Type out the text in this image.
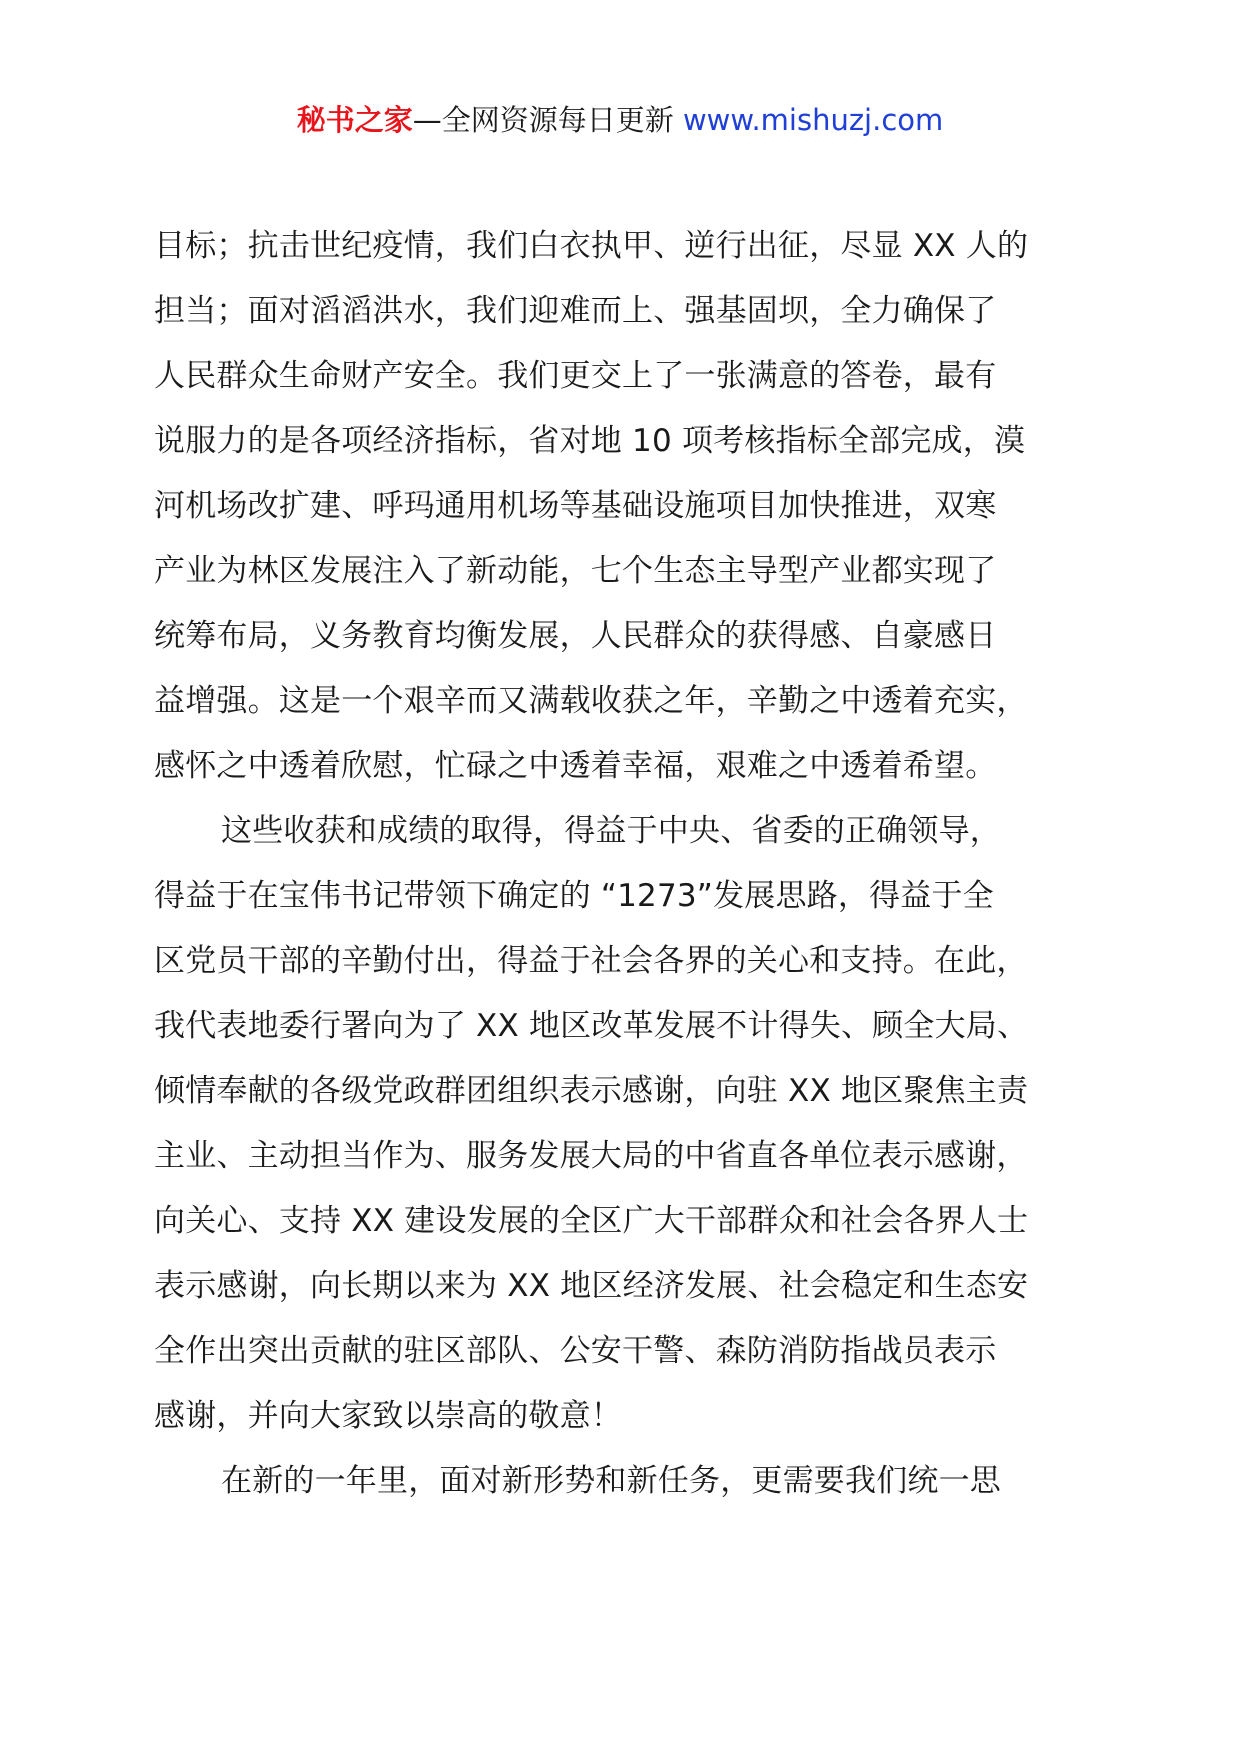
秘书之家—全网资源每日更新 www.mishuzj.com
目标；抗击世纪疫情，我们白衣执甲、逆行出征，尽显 XX 人的
担当；面对滔滔洪水，我们迎难而上、强基固坝，全力确保了
人民群众生命财产安全。我们更交上了一张满意的答卷，最有
说服力的是各项经济指标，省对地 10 项考核指标全部完成，漠
河机场改扩建、呼玛通用机场等基础设施项目加快推进，双寒
产业为林区发展注入了新动能，七个生态主导型产业都实现了
统筹布局，义务教育均衡发展，人民群众的获得感、自豪感日
益增强。这是一个艰辛而又满载收获之年，辛勤之中透着充实，
感怀之中透着欣慰，忙碌之中透着幸福，艰难之中透着希望。
这些收获和成绩的取得，得益于中央、省委的正确领导，
得益于在宝伟书记带领下确定的 “1273”发展思路，得益于全
区党员干部的辛勤付出，得益于社会各界的关心和支持。在此，
我代表地委行署向为了 XX 地区改革发展不计得失、顾全大局、
倾情奉献的各级党政群团组织表示感谢，向驻 XX 地区聚焦主责
主业、主动担当作为、服务发展大局的中省直各单位表示感谢，
向关心、支持 XX 建设发展的全区广大干部群众和社会各界人士
表示感谢，向长期以来为 XX 地区经济发展、社会稳定和生态安
全作出突出贡献的驻区部队、公安干警、森防消防指战员表示
感谢，并向大家致以崇高的敬意！
在新的一年里，面对新形势和新任务，更需要我们统一思
